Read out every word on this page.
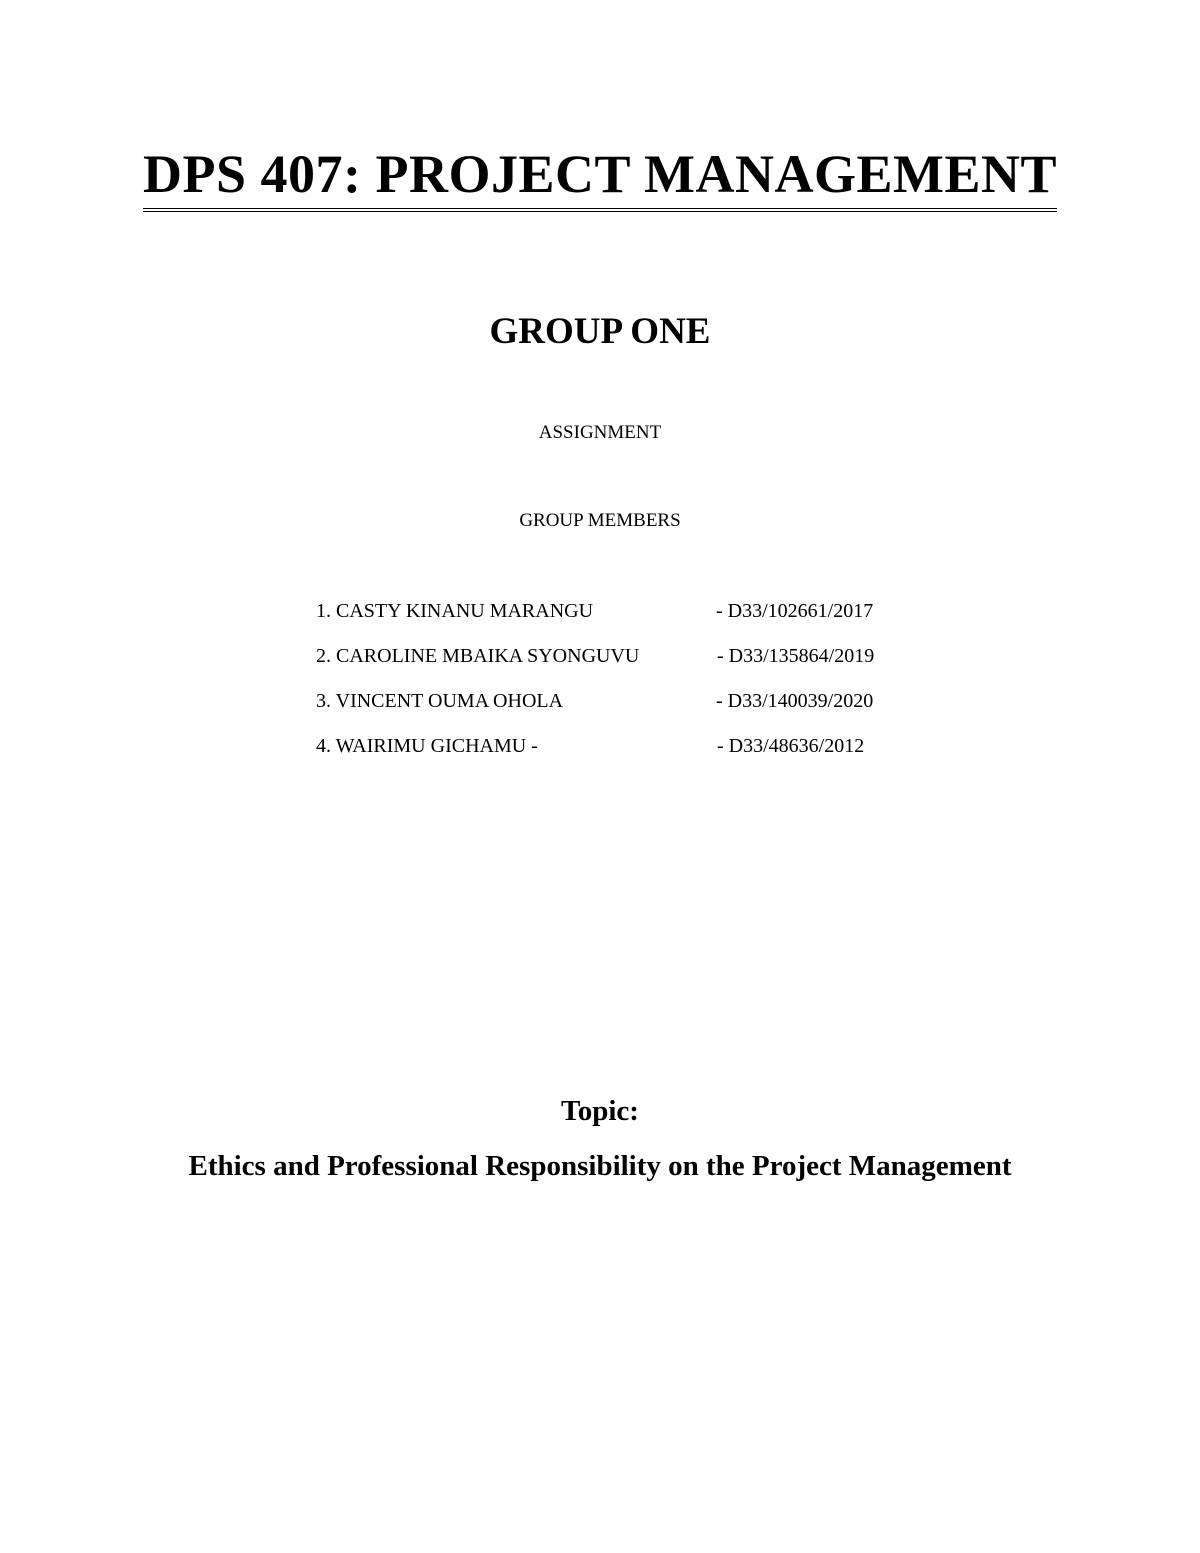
DPS 407: PROJECT MANAGEMENT
GROUP ONE
ASSIGNMENT
GROUP MEMBERS
1. CASTY KINANU MARANGU	- D33/102661/2017
2. CAROLINE MBAIKA SYONGUVU	- D33/135864/2019
3. VINCENT OUMA OHOLA	- D33/140039/2020
4. WAIRIMU GICHAMU -	- D33/48636/2012
Topic:
Ethics and Professional Responsibility on the Project Management
